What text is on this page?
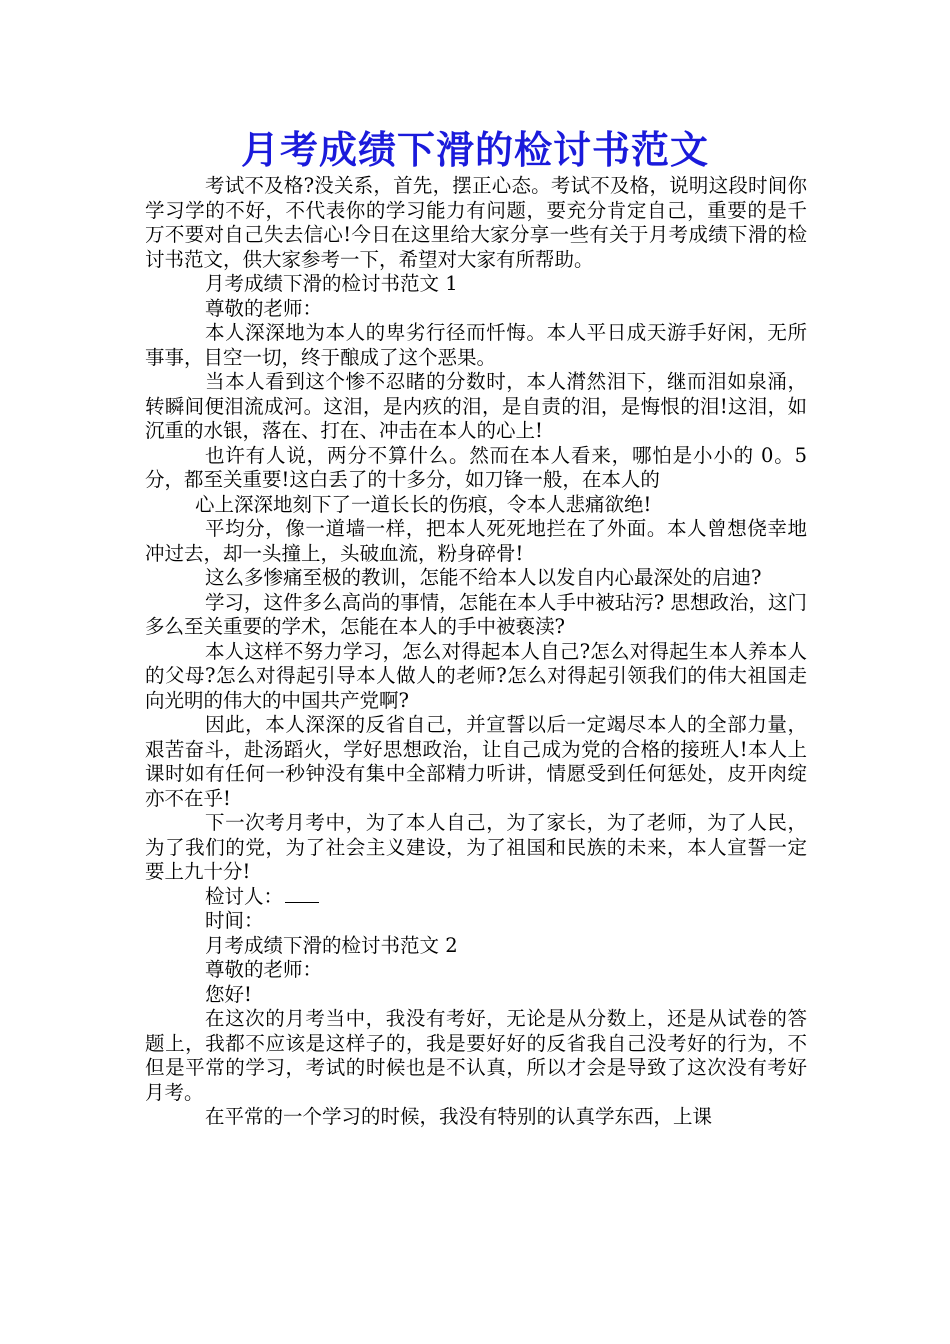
月考成绩下滑的检讨书范文

考试不及格?没关系，首先，摆正心态。考试不及格，说明这段时间你学习学的不好，不代表你的学习能力有问题，要充分肯定自己，重要的是千万不要对自己失去信心!今日在这里给大家分享一些有关于月考成绩下滑的检讨书范文，供大家参考一下，希望对大家有所帮助。

月考成绩下滑的检讨书范文 1

尊敬的老师：

本人深深地为本人的卑劣行径而忏悔。本人平日成天游手好闲，无所事事，目空一切，终于酿成了这个恶果。

当本人看到这个惨不忍睹的分数时，本人潸然泪下，继而泪如泉涌，转瞬间便泪流成河。这泪，是内疚的泪，是自责的泪，是悔恨的泪!这泪，如沉重的水银，落在、打在、冲击在本人的心上!

也许有人说，两分不算什么。然而在本人看来，哪怕是小小的 0。5 分，都至关重要!这白丢了的十多分，如刀锋一般，在本人的

心上深深地刻下了一道长长的伤痕，令本人悲痛欲绝!

平均分，像一道墙一样，把本人死死地拦在了外面。本人曾想侥幸地冲过去，却一头撞上，头破血流，粉身碎骨!

这么多惨痛至极的教训，怎能不给本人以发自内心最深处的启迪?

学习，这件多么高尚的事情，怎能在本人手中被玷污? 思想政治，这门多么至关重要的学术，怎能在本人的手中被亵渎?

本人这样不努力学习，怎么对得起本人自己?怎么对得起生本人养本人的父母?怎么对得起引导本人做人的老师?怎么对得起引领我们的伟大祖国走向光明的伟大的中国共产党啊?

因此，本人深深的反省自己，并宣誓以后一定竭尽本人的全部力量，艰苦奋斗，赴汤蹈火，学好思想政治，让自己成为党的合格的接班人!本人上课时如有任何一秒钟没有集中全部精力听讲，情愿受到任何惩处，皮开肉绽亦不在乎!

下一次考月考中，为了本人自己，为了家长，为了老师，为了人民，为了我们的党，为了社会主义建设，为了祖国和民族的未来，本人宣誓一定要上九十分!

检讨人：

时间：

月考成绩下滑的检讨书范文 2

尊敬的老师：

您好!

在这次的月考当中，我没有考好，无论是从分数上，还是从试卷的答题上，我都不应该是这样子的，我是要好好的反省我自己没考好的行为，不但是平常的学习，考试的时候也是不认真，所以才会是导致了这次没有考好月考。

在平常的一个学习的时候，我没有特别的认真学东西，上课
